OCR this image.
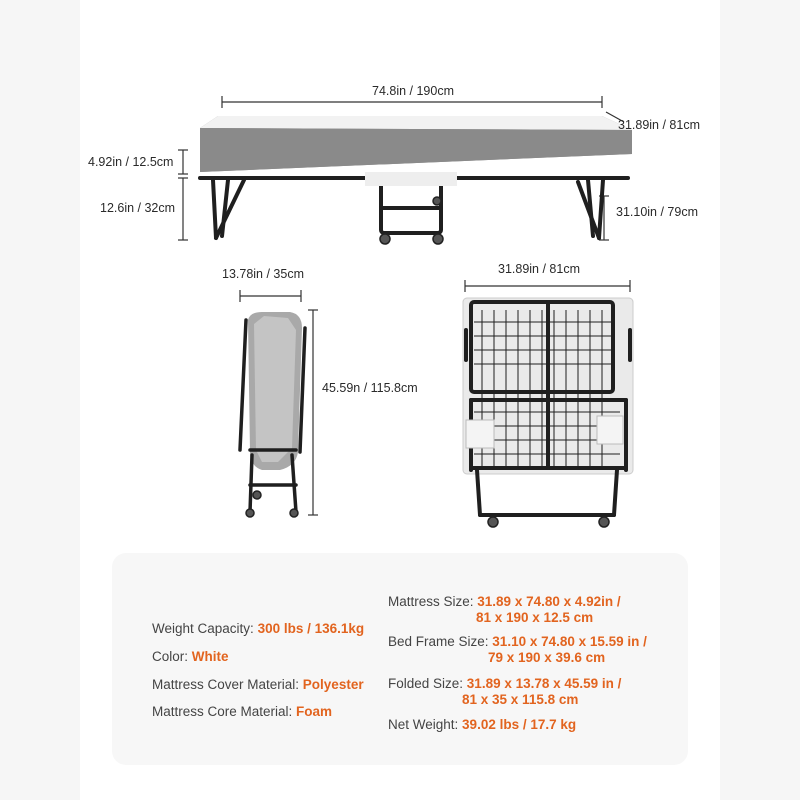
74.8in / 190cm
31.89in / 81cm
4.92in / 12.5cm
12.6in / 32cm	31.10in / 79cm
13.78in / 35cm
45.59n / 115.8cm
31.89in / 81cm
Weight Capacity: 300 lbs / 136.1kg
Color: White
Mattress Cover Material: Polyester
Mattress Core Material: Foam
Mattress Size: 31.89 x 74.80 x 4.92in /
81 x 190 x 12.5 cm
Bed Frame Size: 31.10 x 74.80 x 15.59 in /
79 x 190 x 39.6 cm
Folded Size: 31.89 x 13.78 x 45.59 in /
81 x 35 x 115.8 cm
Net Weight: 39.02 lbs / 17.7 kg
